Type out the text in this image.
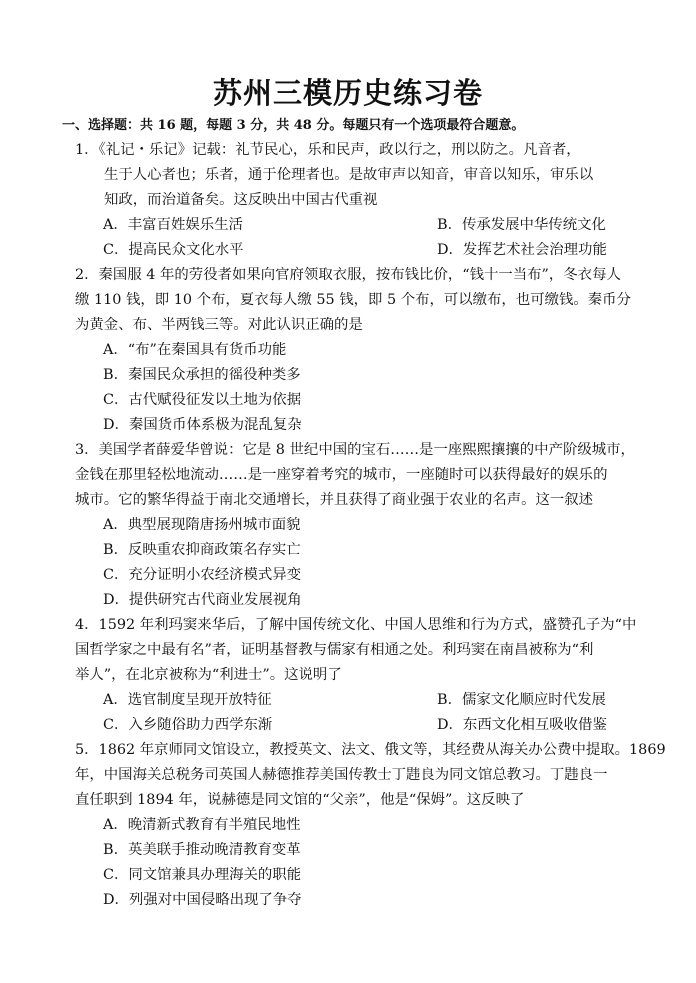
苏州三模历史练习卷
一、选择题：共 16 题，每题 3 分，共 48 分。每题只有一个选项最符合题意。
1．《礼记・乐记》记载：礼节民心，乐和民声，政以行之，刑以防之。凡音者，
生于人心者也；乐者，通于伦理者也。是故审声以知音，审音以知乐，审乐以
知政，而治道备矣。这反映出中国古代重视
A．丰富百姓娱乐生活	B．传承发展中华传统文化
C．提高民众文化水平	D．发挥艺术社会治理功能
2．秦国服 4 年的劳役者如果向官府领取衣服，按布钱比价，“钱十一当布”，冬衣每人
缴 110 钱，即 10 个布，夏衣每人缴 55 钱，即 5 个布，可以缴布，也可缴钱。秦币分
为黄金、布、半两钱三等。对此认识正确的是
A．“布”在秦国具有货币功能
B．秦国民众承担的徭役种类多
C．古代赋役征发以土地为依据
D．秦国货币体系极为混乱复杂
3．美国学者薛爱华曾说：它是 8 世纪中国的宝石……是一座熙熙攘攘的中产阶级城市，
金钱在那里轻松地流动……是一座穿着考究的城市，一座随时可以获得最好的娱乐的
城市。它的繁华得益于南北交通增长，并且获得了商业强于农业的名声。这一叙述
A．典型展现隋唐扬州城市面貌
B．反映重农抑商政策名存实亡
C．充分证明小农经济模式异变
D．提供研究古代商业发展视角
4．1592 年利玛窦来华后，了解中国传统文化、中国人思维和行为方式，盛赞孔子为“中
国哲学家之中最有名”者，证明基督教与儒家有相通之处。利玛窦在南昌被称为“利
举人”，在北京被称为“利进士”。这说明了
A．选官制度呈现开放特征	B．儒家文化顺应时代发展
C．入乡随俗助力西学东渐	D．东西文化相互吸收借鉴
5．1862 年京师同文馆设立，教授英文、法文、俄文等，其经费从海关办公费中提取。1869
年，中国海关总税务司英国人赫德推荐美国传教士丁韪良为同文馆总教习。丁韪良一
直任职到 1894 年，说赫德是同文馆的“父亲”，他是“保姆”。这反映了
A．晚清新式教育有半殖民地性
B．英美联手推动晚清教育变革
C．同文馆兼具办理海关的职能
D．列强对中国侵略出现了争夺
